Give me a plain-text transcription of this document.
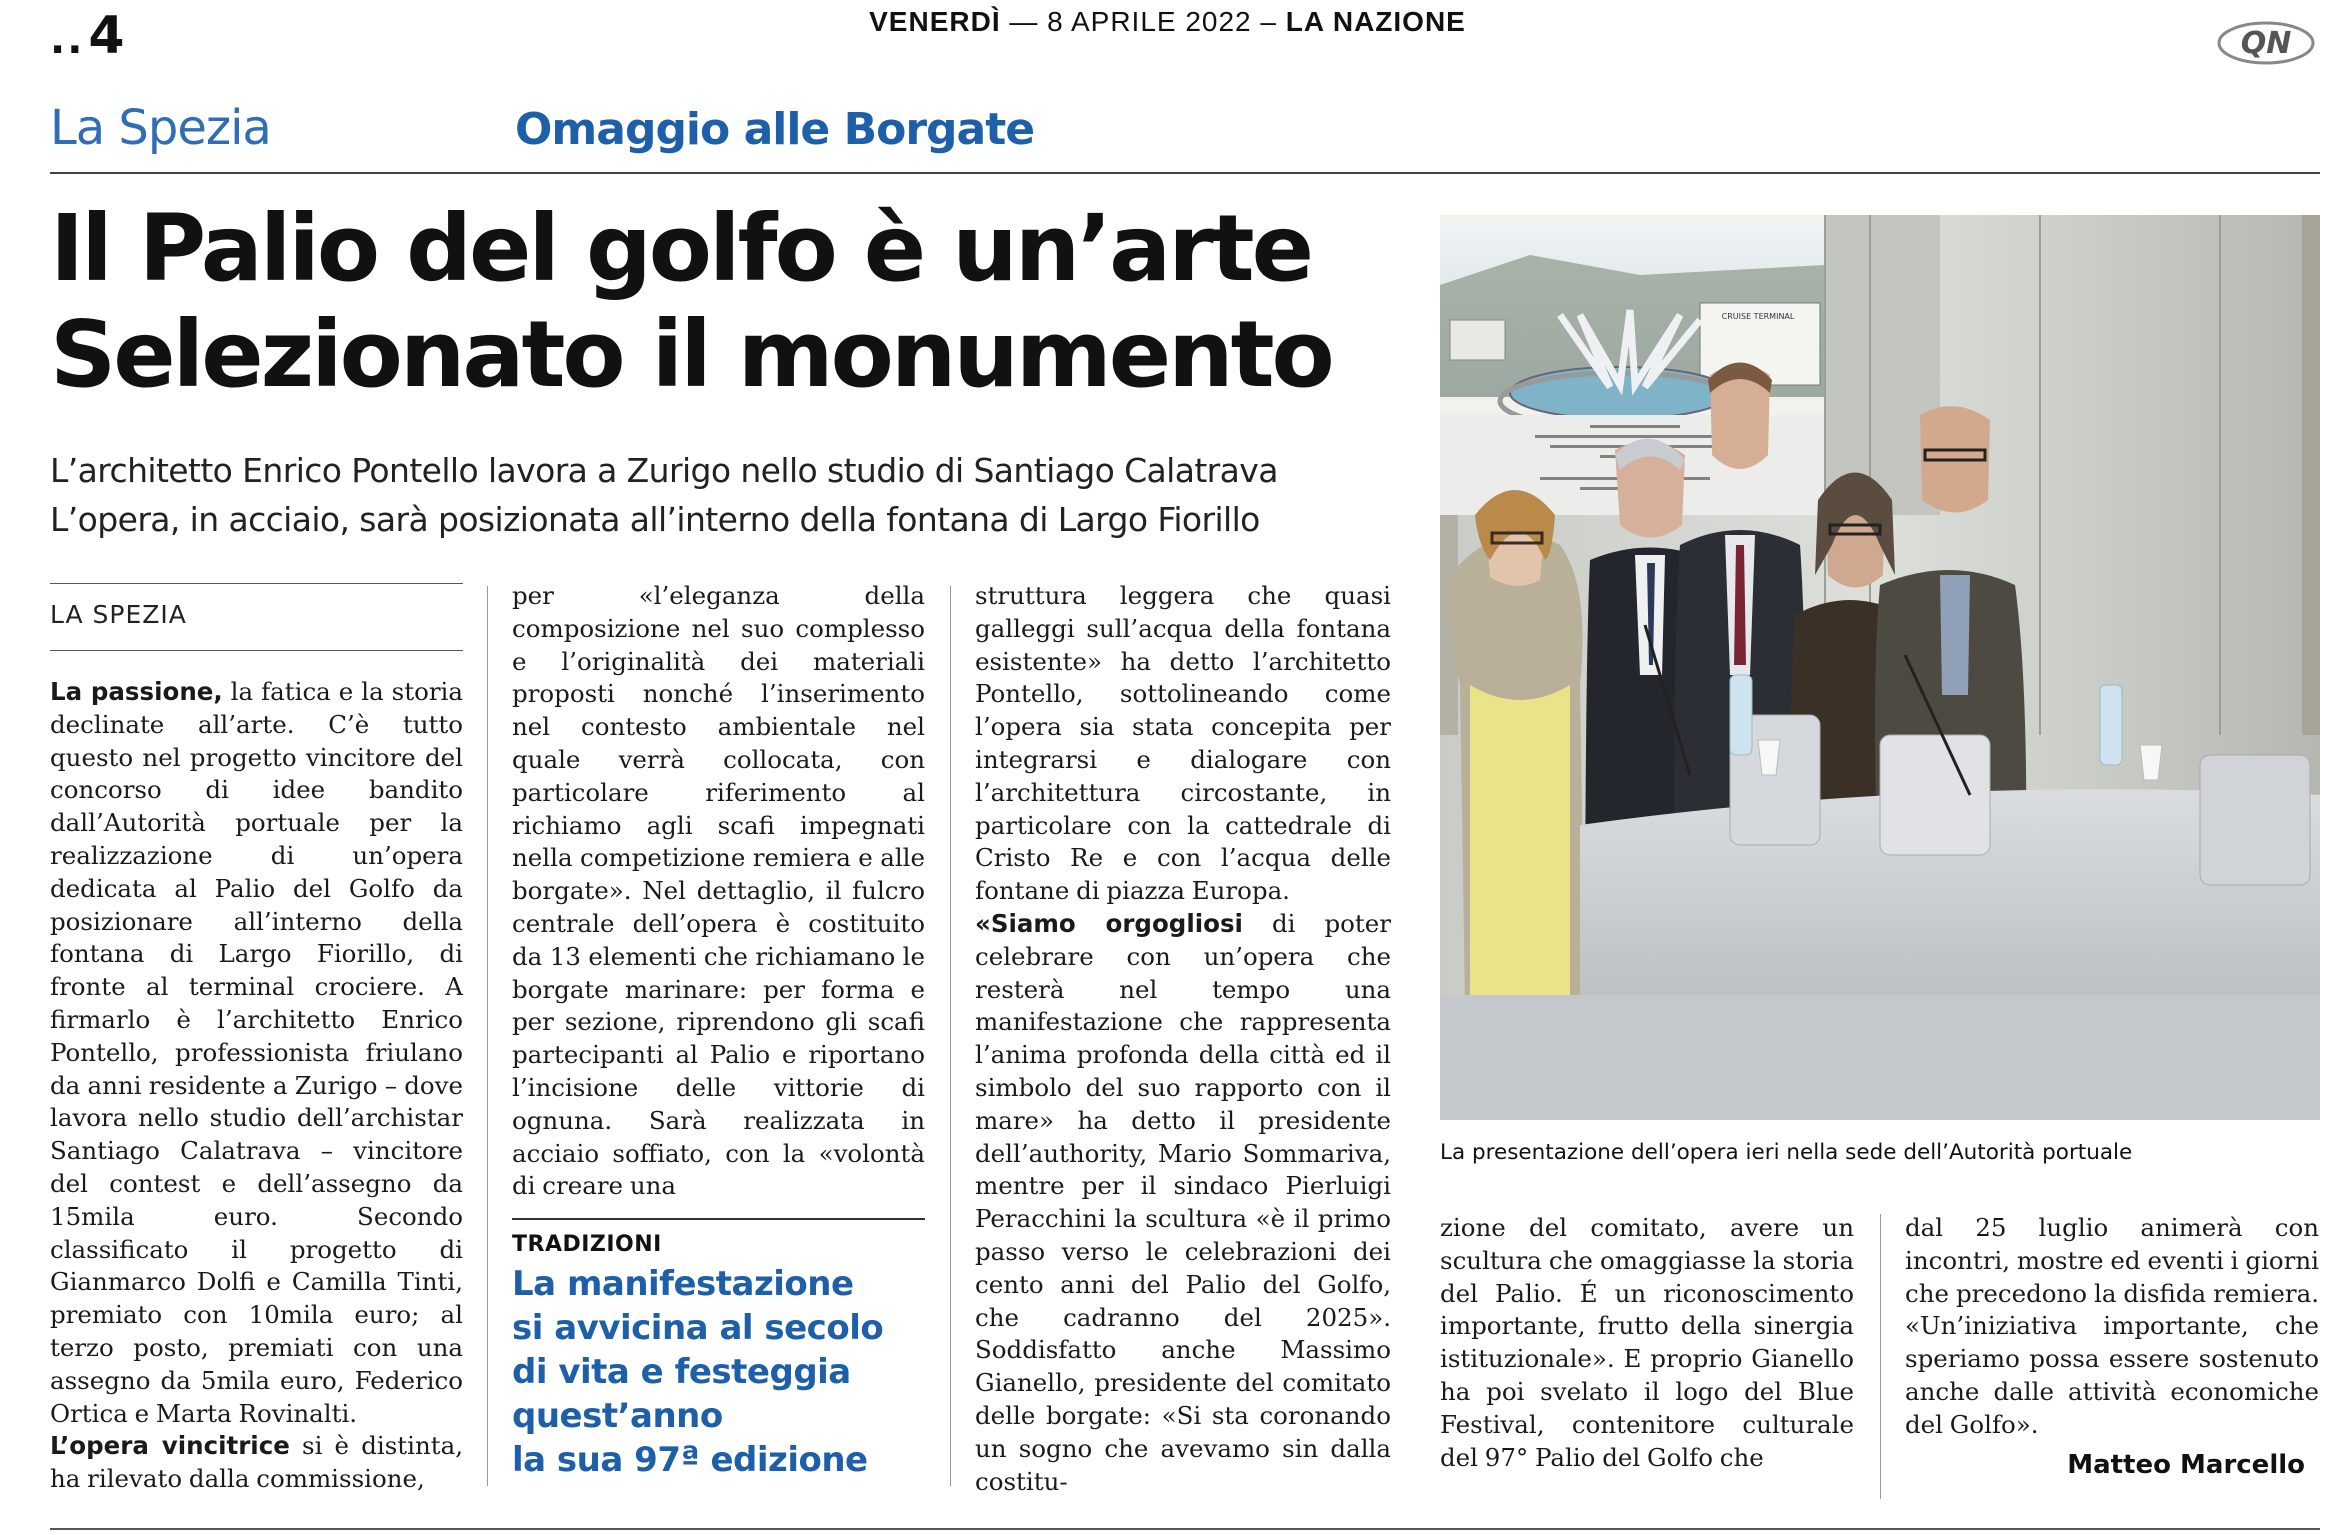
..4	VENERDÌ — 8 APRILE 2022 – LA NAZIONE
QN
La Spezia	Omaggio alle Borgate
Il Palio del golfo è un’arte
Selezionato il monumento
L’architetto Enrico Pontello lavora a Zurigo nello studio di Santiago Calatrava
L’opera, in acciaio, sarà posizionata all’interno della fontana di Largo Fiorillo
LA SPEZIA

La passione, la fatica e la storia declinate all’arte. C’è tutto questo nel progetto vincitore del concorso di idee bandito dall’Autorità portuale per la realizzazione di un’opera dedicata al Palio del Golfo da posizionare all’interno della fontana di Largo Fiorillo, di fronte al terminal crociere. A firmarlo è l’architetto Enrico Pontello, professionista friulano da anni residente a Zurigo – dove lavora nello studio dell’archistar Santiago Calatrava – vincitore del contest e dell’assegno da 15mila euro. Secondo classificato il progetto di Gianmarco Dolfi e Camilla Tinti, premiato con 10mila euro; al terzo posto, premiati con una assegno da 5mila euro, Federico Ortica e Marta Rovinalti.

L’opera vincitrice si è distinta, ha rilevato dalla commissione,

per «l’eleganza della composizione nel suo complesso e l’originalità dei materiali proposti nonché l’inserimento nel contesto ambientale nel quale verrà collocata, con particolare riferimento al richiamo agli scafi impegnati nella competizione remiera e alle borgate». Nel dettaglio, il fulcro centrale dell’opera è costituito da 13 elementi che richiamano le borgate marinare: per forma e per sezione, riprendono gli scafi partecipanti al Palio e riportano l’incisione delle vittorie di ognuna. Sarà realizzata in acciaio soffiato, con la «volontà di creare una

TRADIZIONI
La manifestazione
si avvicina al secolo
di vita e festeggia
quest’anno
la sua 97ª edizione

struttura leggera che quasi galleggi sull’acqua della fontana esistente» ha detto l’architetto Pontello, sottolineando come l’opera sia stata concepita per integrarsi e dialogare con l’architettura circostante, in particolare con la cattedrale di Cristo Re e con l’acqua delle fontane di piazza Europa.

«Siamo orgogliosi di poter celebrare con un’opera che resterà nel tempo una manifestazione che rappresenta l’anima profonda della città ed il simbolo del suo rapporto con il mare» ha detto il presidente dell’authority, Mario Sommariva, mentre per il sindaco Pierluigi Peracchini la scultura «è il primo passo verso le celebrazioni dei cento anni del Palio del Golfo, che cadranno del 2025». Soddisfatto anche Massimo Gianello, presidente del comitato delle borgate: «Si sta coronando un sogno che avevamo sin dalla costitu-

CRUISE TERMINAL
La presentazione dell’opera ieri nella sede dell’Autorità portuale

zione del comitato, avere un scultura che omaggiasse la storia del Palio. É un riconoscimento importante, frutto della sinergia istituzionale». E proprio Gianello ha poi svelato il logo del Blue Festival, contenitore culturale del 97° Palio del Golfo che

dal 25 luglio animerà con incontri, mostre ed eventi i giorni che precedono la disfida remiera. «Un’iniziativa importante, che speriamo possa essere sostenuto anche dalle attività economiche del Golfo».

Matteo Marcello
